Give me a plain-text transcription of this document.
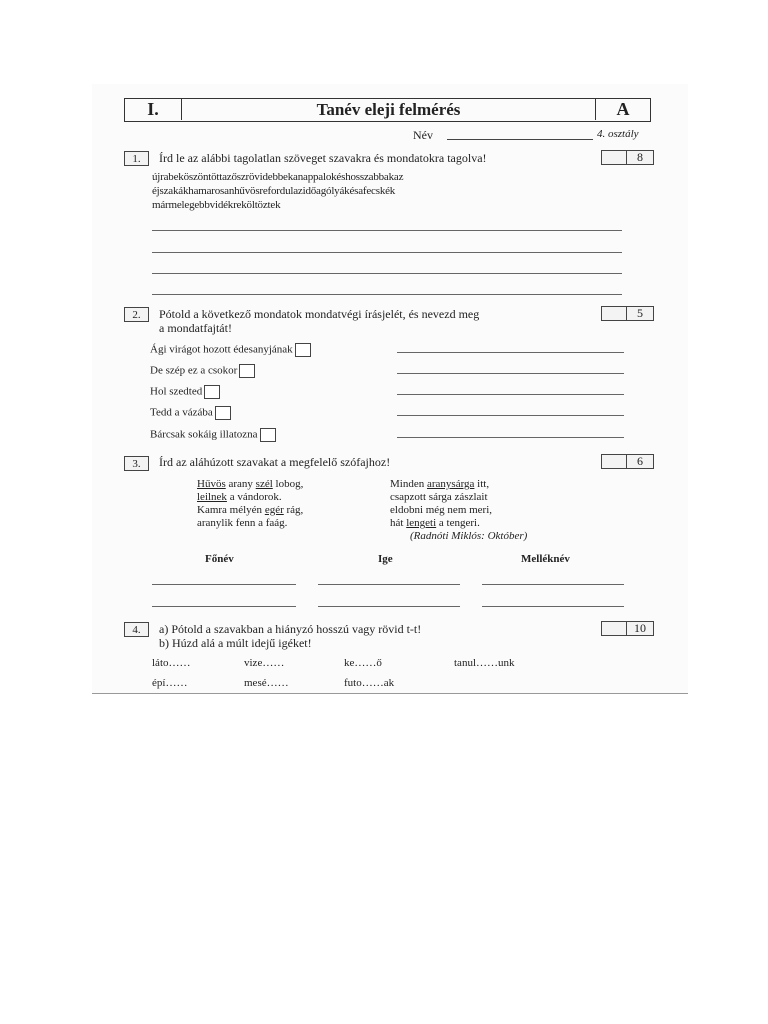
I.	Tanév eleji felmérés	A
Név	4. osztály
1.	Írd le az alábbi tagolatlan szöveget szavakra és mondatokra tagolva!	8
újrabeköszöntöttazőszrövidebbekanappalokéshosszabbakaz
éjszakákhamarosanhűvösrefordulazidőagólyákésafecskék
mármelegebbvidékreköltöztek
2.	Pótold a következő mondatok mondatvégi írásjelét, és nevezd meg
a mondatfajtát!
5
Ági virágot hozott édesanyjának
De szép ez a csokor
Hol szedted
Tedd a vázába
Bárcsak sokáig illatozna
3.	Írd az aláhúzott szavakat a megfelelő szófajhoz!	6
Hűvös arany szél lobog,
leilnek a vándorok.
Kamra mélyén egér rág,
aranylik fenn a faág.
Minden aranysárga itt,
csapzott sárga zászlait
eldobni még nem meri,
hát lengeti a tengeri.
(Radnóti Miklós: Október)
Főnév	Ige	Melléknév
4.	a) Pótold a szavakban a hiányzó hosszú vagy rövid t-t!
b) Húzd alá a múlt idejű igéket!
10
láto……	vize……	ke……ő	tanul……unk
épí……	mesé……	futo……ak
